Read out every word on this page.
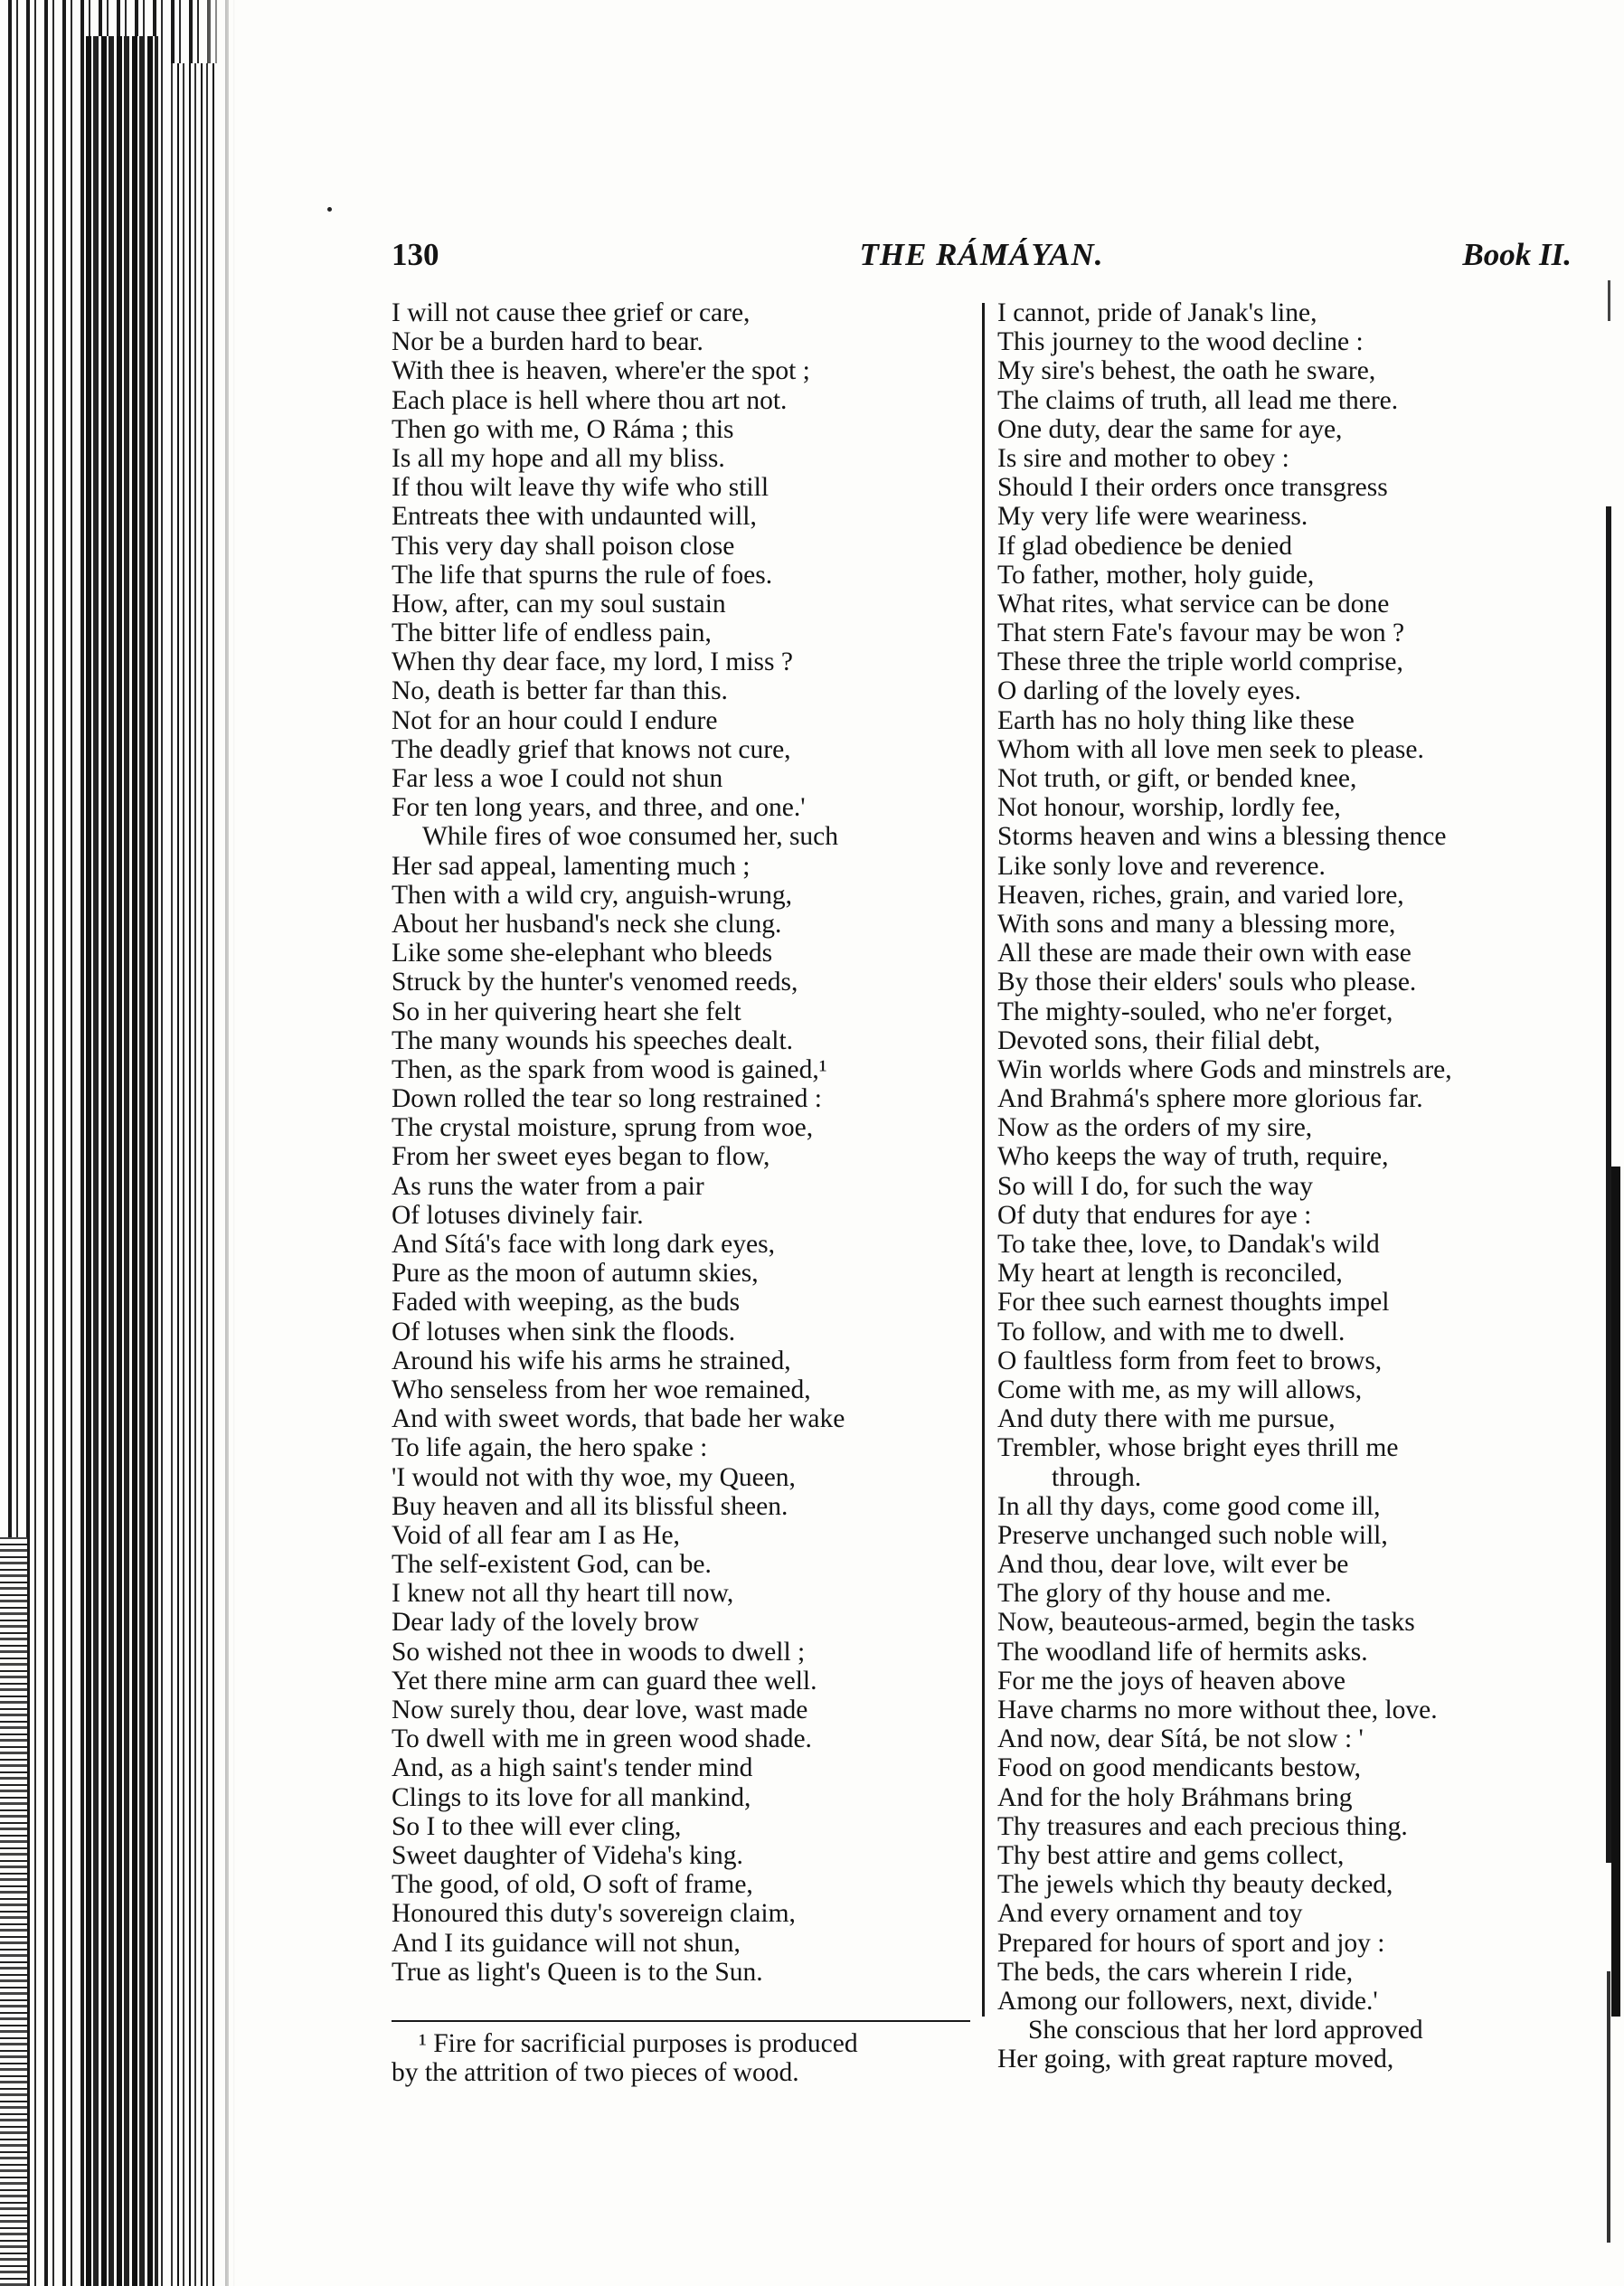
130	THE RÁMÁYAN.	Book II.
I will not cause thee grief or care,
Nor be a burden hard to bear.
With thee is heaven, where'er the spot ;
Each place is hell where thou art not.
Then go with me, O Ráma ; this
Is all my hope and all my bliss.
If thou wilt leave thy wife who still
Entreats thee with undaunted will,
This very day shall poison close
The life that spurns the rule of foes.
How, after, can my soul sustain
The bitter life of endless pain,
When thy dear face, my lord, I miss ?
No, death is better far than this.
Not for an hour could I endure
The deadly grief that knows not cure,
Far less a woe I could not shun
For ten long years, and three, and one.'
While fires of woe consumed her, such
Her sad appeal, lamenting much ;
Then with a wild cry, anguish-wrung,
About her husband's neck she clung.
Like some she-elephant who bleeds
Struck by the hunter's venomed reeds,
So in her quivering heart she felt
The many wounds his speeches dealt.
Then, as the spark from wood is gained,¹
Down rolled the tear so long restrained :
The crystal moisture, sprung from woe,
From her sweet eyes began to flow,
As runs the water from a pair
Of lotuses divinely fair.
And Sítá's face with long dark eyes,
Pure as the moon of autumn skies,
Faded with weeping, as the buds
Of lotuses when sink the floods.
Around his wife his arms he strained,
Who senseless from her woe remained,
And with sweet words, that bade her wake
To life again, the hero spake :
'I would not with thy woe, my Queen,
Buy heaven and all its blissful sheen.
Void of all fear am I as He,
The self-existent God, can be.
I knew not all thy heart till now,
Dear lady of the lovely brow
So wished not thee in woods to dwell ;
Yet there mine arm can guard thee well.
Now surely thou, dear love, wast made
To dwell with me in green wood shade.
And, as a high saint's tender mind
Clings to its love for all mankind,
So I to thee will ever cling,
Sweet daughter of Videha's king.
The good, of old, O soft of frame,
Honoured this duty's sovereign claim,
And I its guidance will not shun,
True as light's Queen is to the Sun.
I cannot, pride of Janak's line,
This journey to the wood decline :
My sire's behest, the oath he sware,
The claims of truth, all lead me there.
One duty, dear the same for aye,
Is sire and mother to obey :
Should I their orders once transgress
My very life were weariness.
If glad obedience be denied
To father, mother, holy guide,
What rites, what service can be done
That stern Fate's favour may be won ?
These three the triple world comprise,
O darling of the lovely eyes.
Earth has no holy thing like these
Whom with all love men seek to please.
Not truth, or gift, or bended knee,
Not honour, worship, lordly fee,
Storms heaven and wins a blessing thence
Like sonly love and reverence.
Heaven, riches, grain, and varied lore,
With sons and many a blessing more,
All these are made their own with ease
By those their elders' souls who please.
The mighty-souled, who ne'er forget,
Devoted sons, their filial debt,
Win worlds where Gods and minstrels are,
And Brahmá's sphere more glorious far.
Now as the orders of my sire,
Who keeps the way of truth, require,
So will I do, for such the way
Of duty that endures for aye :
To take thee, love, to Dandak's wild
My heart at length is reconciled,
For thee such earnest thoughts impel
To follow, and with me to dwell.
O faultless form from feet to brows,
Come with me, as my will allows,
And duty there with me pursue,
Trembler, whose bright eyes thrill me
through.
In all thy days, come good come ill,
Preserve unchanged such noble will,
And thou, dear love, wilt ever be
The glory of thy house and me.
Now, beauteous-armed, begin the tasks
The woodland life of hermits asks.
For me the joys of heaven above
Have charms no more without thee, love.
And now, dear Sítá, be not slow : '
Food on good mendicants bestow,
And for the holy Bráhmans bring
Thy treasures and each precious thing.
Thy best attire and gems collect,
The jewels which thy beauty decked,
And every ornament and toy
Prepared for hours of sport and joy :
The beds, the cars wherein I ride,
Among our followers, next, divide.'
She conscious that her lord approved
Her going, with great rapture moved,
¹ Fire for sacrificial purposes is produced
by the attrition of two pieces of wood.
